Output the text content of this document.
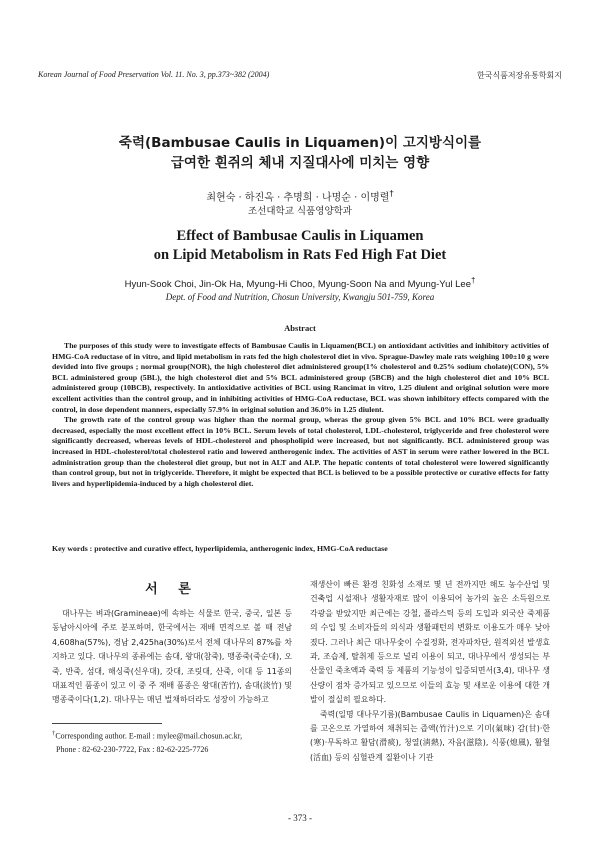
Korean Journal of Food Preservation Vol. 11. No. 3, pp.373~382 (2004)	한국식품저장유통학회지
죽력(Bambusae Caulis in Liquamen)이 고지방식이를
급여한 흰쥐의 체내 지질대사에 미치는 영향
최현숙 · 하진옥 · 추명희 · 나명순 · 이명렬†
조선대학교 식품영양학과
Effect of Bambusae Caulis in Liquamen
on Lipid Metabolism in Rats Fed High Fat Diet
Hyun-Sook Choi, Jin-Ok Ha, Myung-Hi Choo, Myung-Soon Na and Myung-Yul Lee†
Dept. of Food and Nutrition, Chosun University, Kwangju 501-759, Korea
Abstract

The purposes of this study were to investigate effects of Bambusae Caulis in Liquamen(BCL) on antioxidant activities and inhibitory activities of HMG-CoA reductase of in vitro, and lipid metabolism in rats fed the high cholesterol diet in vivo. Sprague-Dawley male rats weighing 100±10 g were devided into five groups ; normal group(NOR), the high cholesterol diet administered group(1% cholesterol and 0.25% sodium cholate)(CON), 5% BCL administered group (5BL), the high cholesterol diet and 5% BCL administered group (5BCB) and the high cholesterol diet and 10% BCL administered group (10BCB), respectively. In antioxidative activities of BCL using Rancimat in vitro, 1.25 diulent and original solution were more excellent activities than the control group, and in inhibiting activities of HMG-CoA reductase, BCL was shown inhibitory effects compared with the control, in dose dependent manners, especially 57.9% in original solution and 36.0% in 1.25 diulent.

The growth rate of the control group was higher than the normal group, wheras the group given 5% BCL and 10% BCL were gradually decreased, especially the most excellent effect in 10% BCL. Serum levels of total cholesterol, LDL-cholesterol, triglyceride and free cholesterol were significantly decreased, whereas levels of HDL-cholesterol and phospholipid were increased, but not significantly. BCL administered group was increased in HDL-cholesterol/total cholesterol ratio and lowered antherogenic index. The activities of AST in serum were rather lowered in the BCL administration group than the cholesterol diet group, but not in ALT and ALP. The hepatic contents of total cholesterol were lowered significantly than control group, but not in triglyceride. Therefore, it might be expected that BCL is believed to be a possible protective or curative effects for fatty livers and hyperlipidemia-induced by a high cholesterol diet.

Key words : protective and curative effect, hyperlipidemia, antherogenic index, HMG-CoA reductase
서 론

대나무는 벼과(Gramineae)에 속하는 식물로 한국, 중국, 일본 등 동남아시아에 주로 분포하며, 한국에서는 재배 면적으로 볼 때 전남 4,608ha(57%), 경남 2,425ha(30%)로서 전체 대나무의 87%를 차지하고 있다. 대나무의 종류에는 솜대, 왕대(참죽), 맹종죽(죽순대), 오죽, 반죽, 섬대, 해싱죽(신우대), 갓대, 조릿대, 산죽, 이대 등 11종의 대표적인 품종이 있고 이 중 주 재배 품종은 왕대(苦竹), 솜대(淡竹) 및 맹종죽이다(1,2). 대나무는 매년 벌채하더라도 성장이 가능하고

재생산이 빠른 환경 친화성 소재로 몇 년 전까지만 해도 농수산업 및 건축업 시설재나 생활자재로 많이 이용되어 농가의 높은 소득원으로 각광을 받았지만 최근에는 강철, 플라스틱 등의 도입과 외국산 죽제품의 수입 및 소비자들의 의식과 생활패턴의 변화로 이용도가 매우 낮아졌다. 그러나 최근 대나무숯이 수질정화, 전자파차단, 원적외선 발생효과, 조습제, 탈취제 등으로 널리 이용이 되고, 대나무에서 생성되는 부산물인 죽초액과 죽력 등 제품의 기능성이 입증되면서(3,4), 대나무 생산량이 점차 증가되고 있으므로 이들의 효능 및 새로운 이용에 대한 개발이 절실히 필요하다.

죽력(일명 대나무기름)(Bambusae Caulis in Liquamen)은 솜대를 고온으로 가열하여 채취되는 즙액(竹汁)으로 기미(氣味) 감(甘)·한(寒)·무독하고 활담(滑痰), 청열(淸熱), 자음(滋陰), 식풍(熄風), 활혈(活血) 등의 심혈관계 질환이나 기관

†Corresponding author. E-mail : mylee@mail.chosun.ac.kr,
Phone : 82-62-230-7722, Fax : 82-62-225-7726
- 373 -
